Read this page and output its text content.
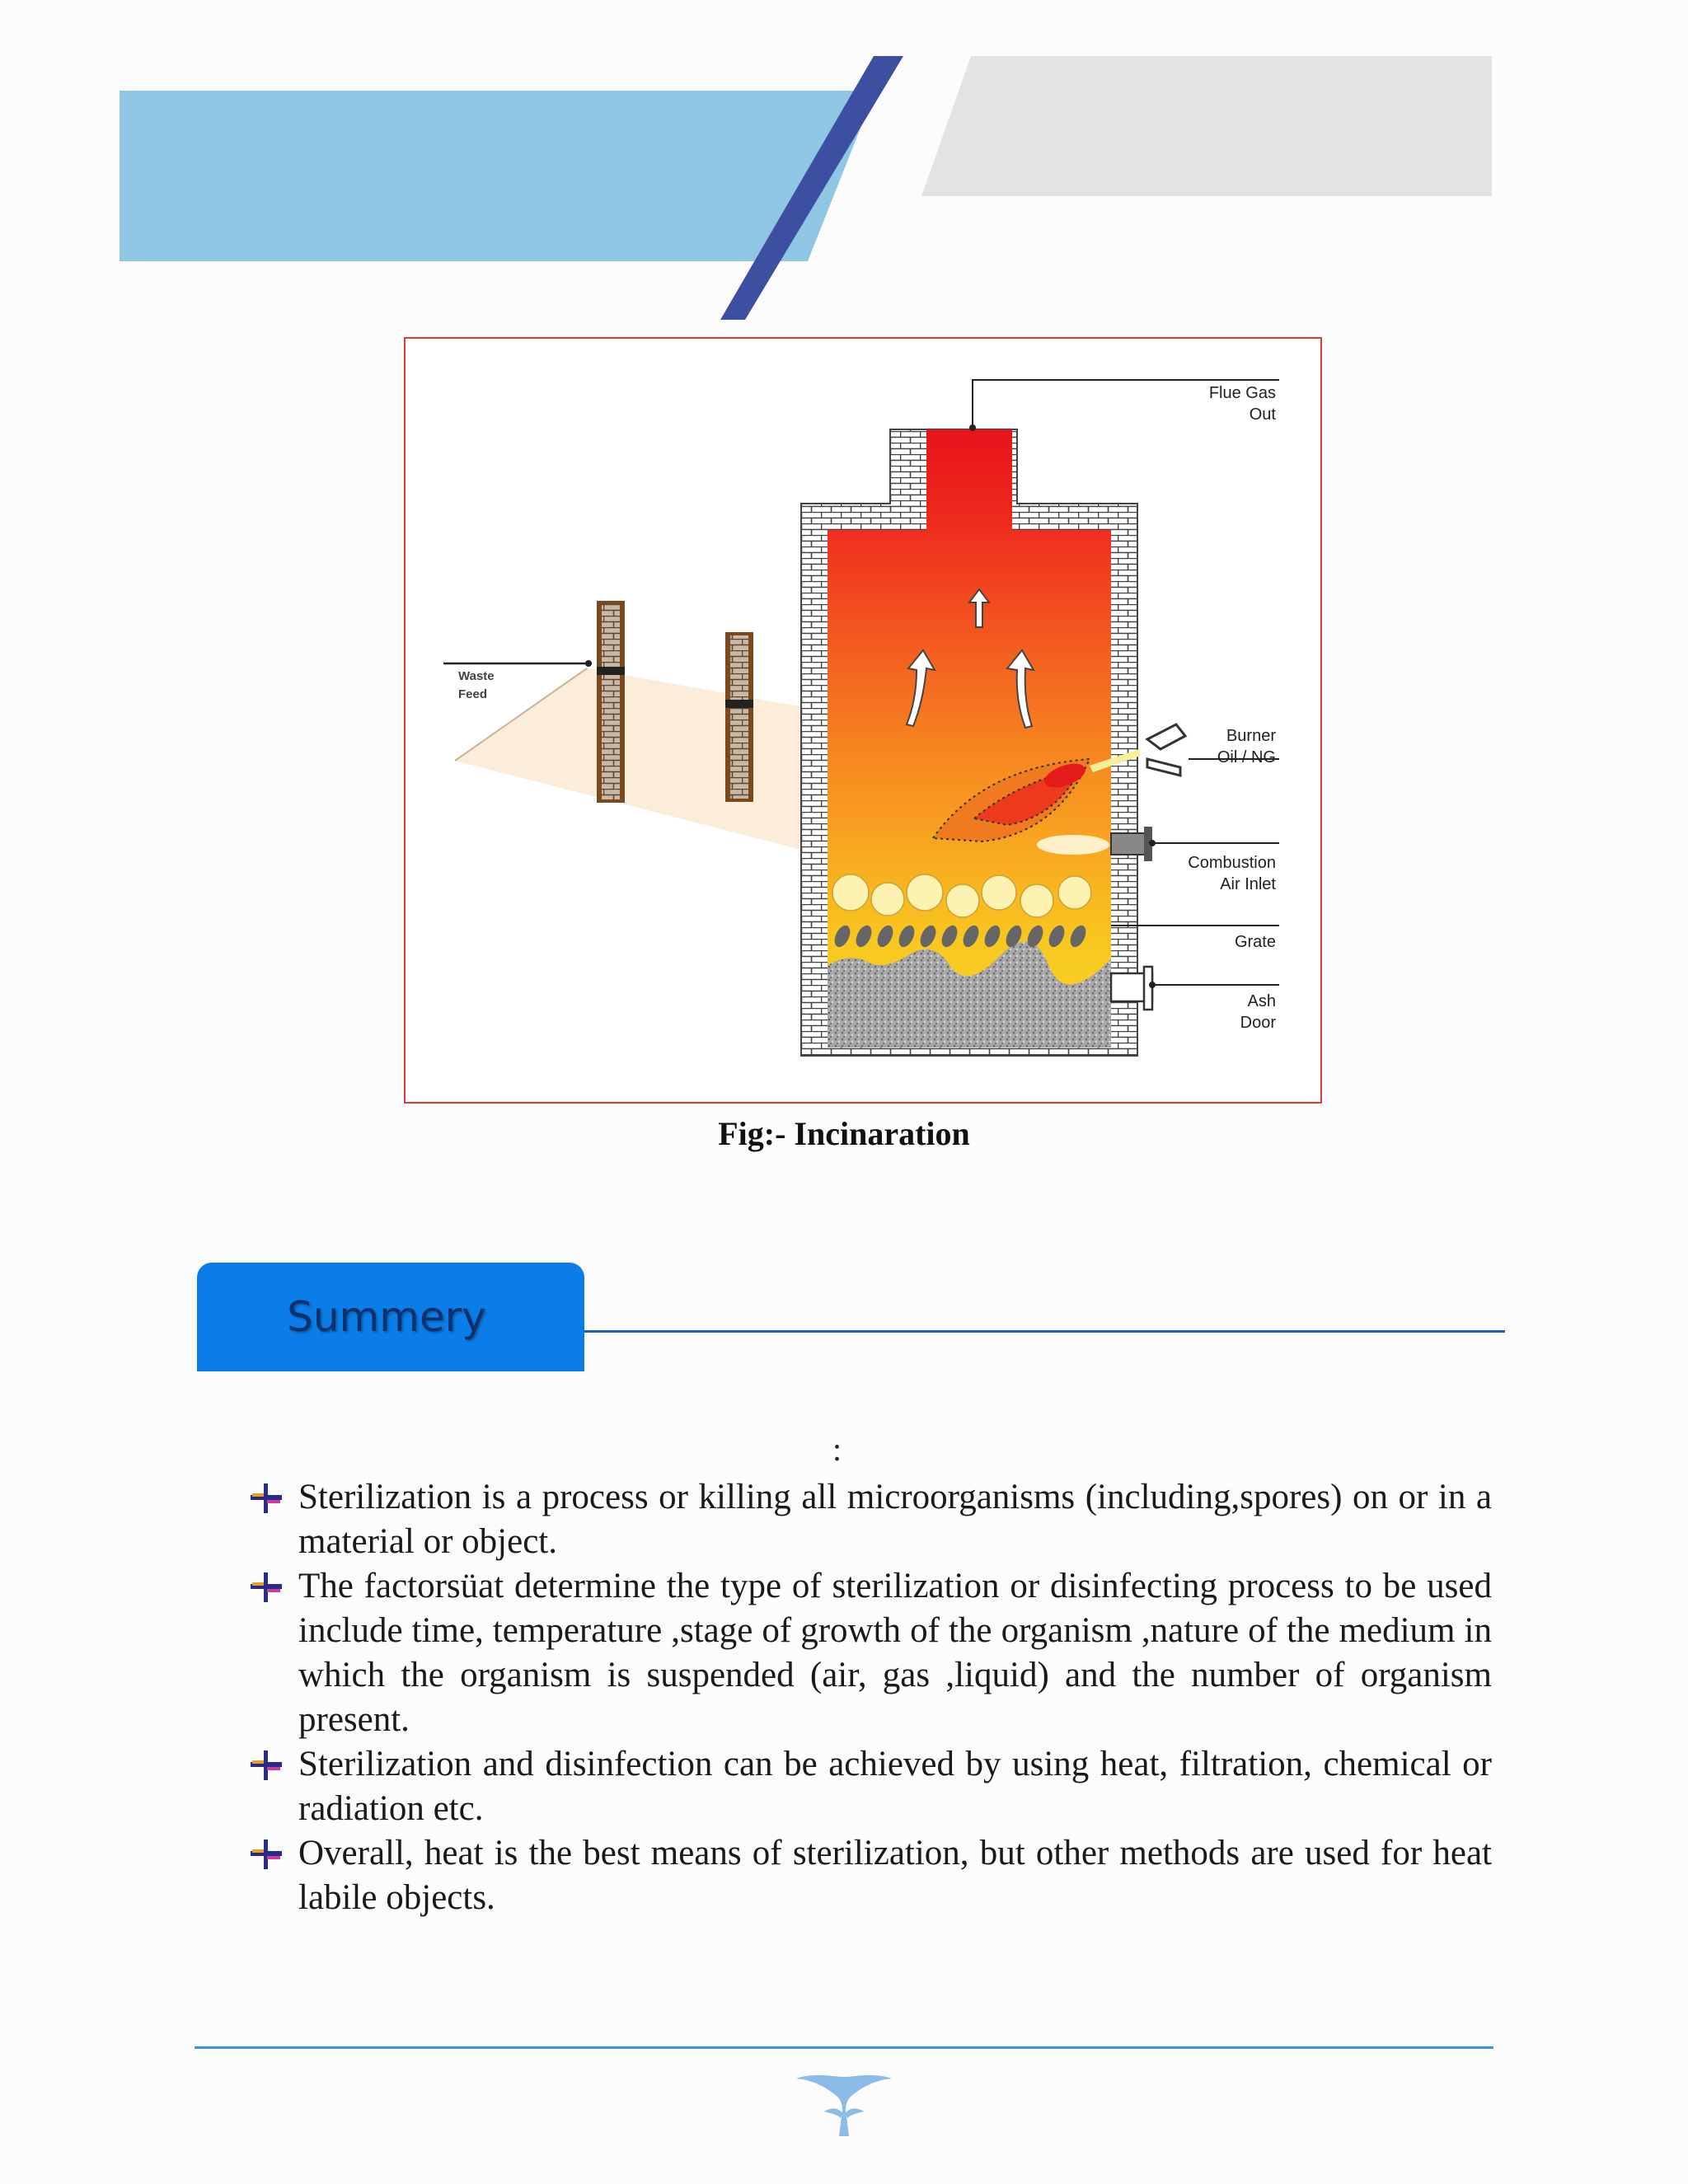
Flue Gas
Out
Burner
Oil / NG
Combustion
Air Inlet
Grate
Ash
Door
Waste
Feed
Fig:- Incinaration
Summery
:
Sterilization is a process or killing all microorganisms (including,spores) on or in a material or object.
The factorsüat determine the type of sterilization or disinfecting process to be used include time, temperature ,stage of growth of the organism ,nature of the medium in which the organism is suspended (air, gas ,liquid) and the number of organism present.
Sterilization and disinfection can be achieved by using heat, filtration, chemical or radiation etc.
Overall, heat is the best means of sterilization, but other methods are used for heat labile objects.
